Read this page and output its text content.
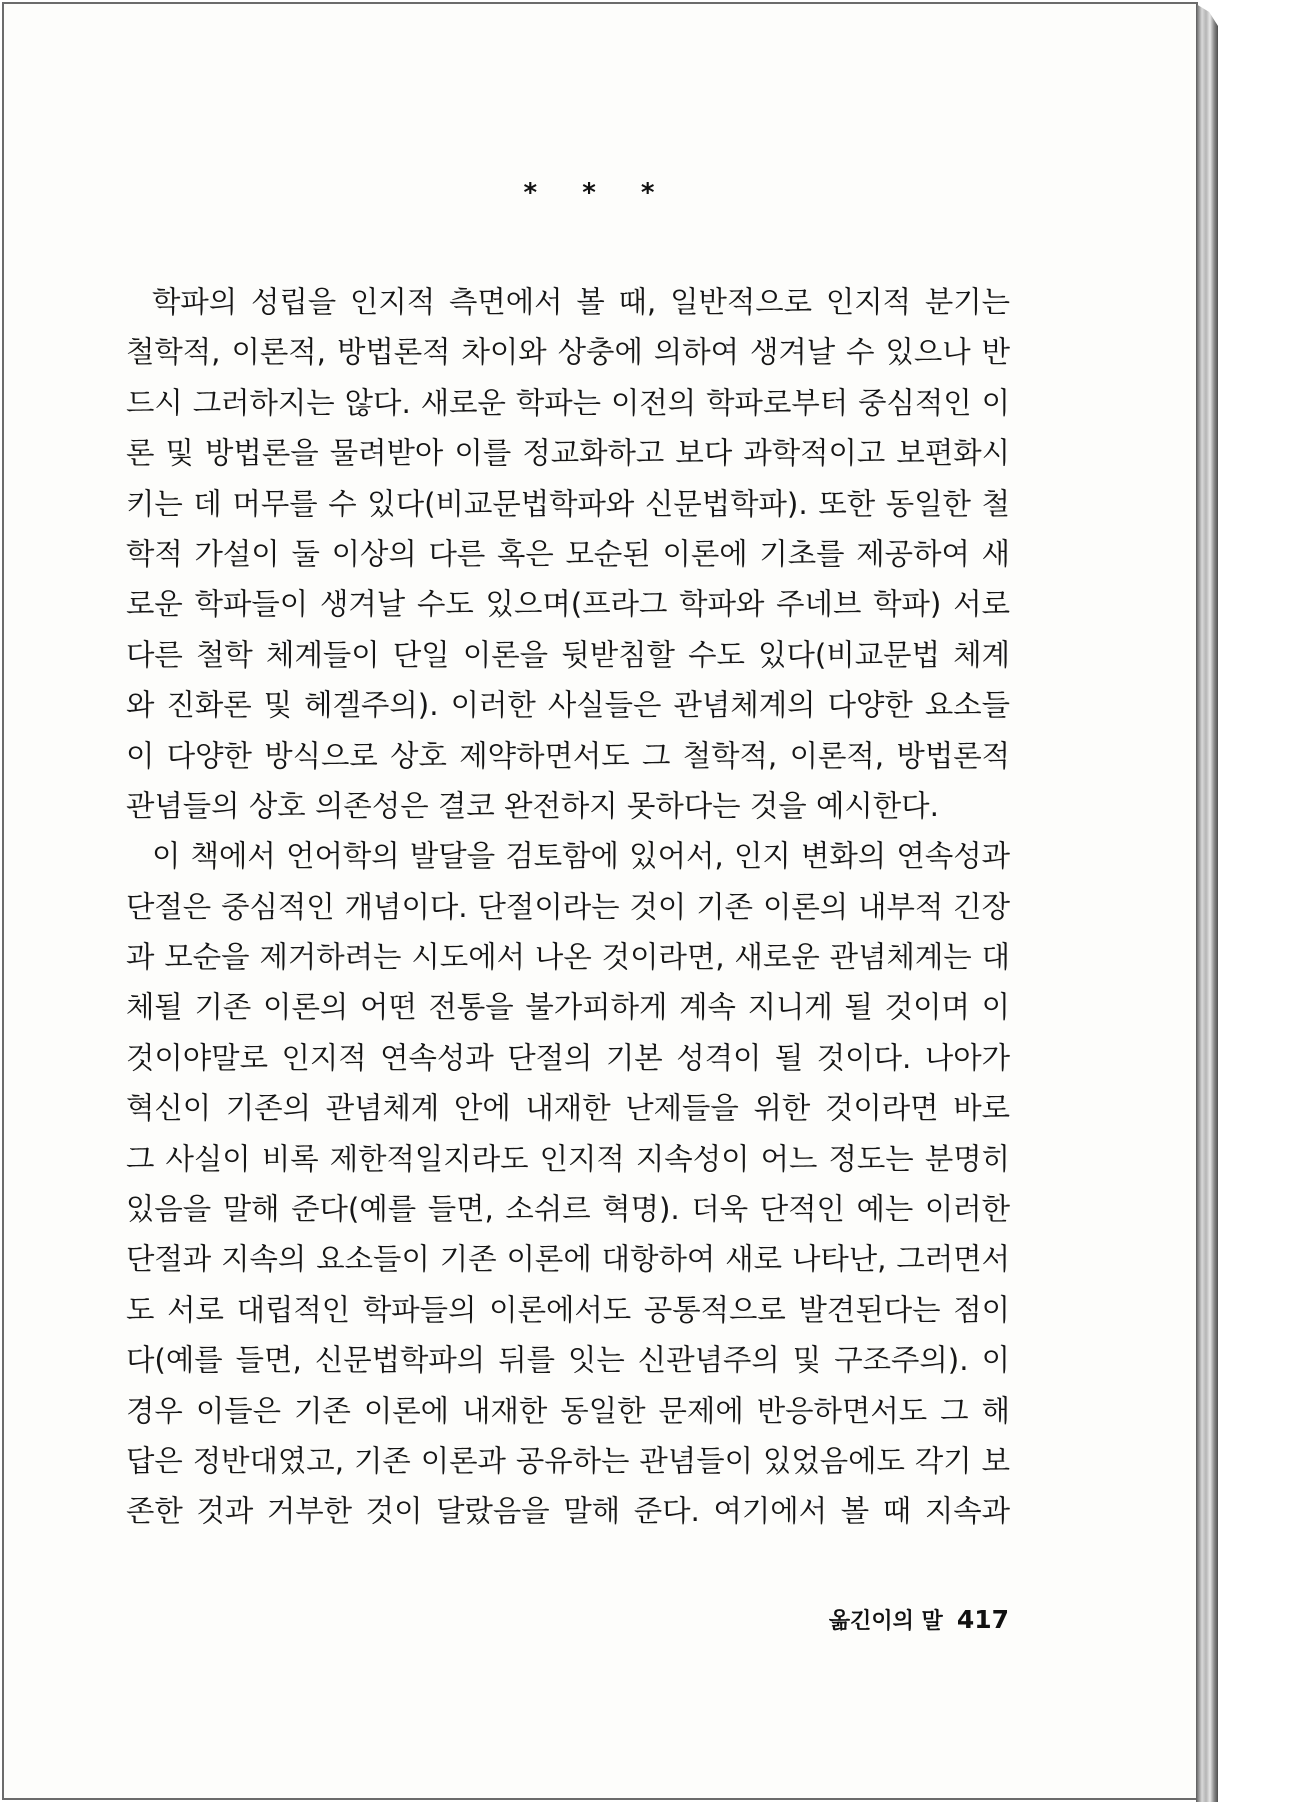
* * *
학파의 성립을 인지적 측면에서 볼 때, 일반적으로 인지적 분기는
철학적, 이론적, 방법론적 차이와 상충에 의하여 생겨날 수 있으나 반
드시 그러하지는 않다. 새로운 학파는 이전의 학파로부터 중심적인 이
론 및 방법론을 물려받아 이를 정교화하고 보다 과학적이고 보편화시
키는 데 머무를 수 있다(비교문법학파와 신문법학파). 또한 동일한 철
학적 가설이 둘 이상의 다른 혹은 모순된 이론에 기초를 제공하여 새
로운 학파들이 생겨날 수도 있으며(프라그 학파와 주네브 학파) 서로
다른 철학 체계들이 단일 이론을 뒷받침할 수도 있다(비교문법 체계
와 진화론 및 헤겔주의). 이러한 사실들은 관념체계의 다양한 요소들
이 다양한 방식으로 상호 제약하면서도 그 철학적, 이론적, 방법론적
관념들의 상호 의존성은 결코 완전하지 못하다는 것을 예시한다.
이 책에서 언어학의 발달을 검토함에 있어서, 인지 변화의 연속성과
단절은 중심적인 개념이다. 단절이라는 것이 기존 이론의 내부적 긴장
과 모순을 제거하려는 시도에서 나온 것이라면, 새로운 관념체계는 대
체될 기존 이론의 어떤 전통을 불가피하게 계속 지니게 될 것이며 이
것이야말로 인지적 연속성과 단절의 기본 성격이 될 것이다. 나아가
혁신이 기존의 관념체계 안에 내재한 난제들을 위한 것이라면 바로
그 사실이 비록 제한적일지라도 인지적 지속성이 어느 정도는 분명히
있음을 말해 준다(예를 들면, 소쉬르 혁명). 더욱 단적인 예는 이러한
단절과 지속의 요소들이 기존 이론에 대항하여 새로 나타난, 그러면서
도 서로 대립적인 학파들의 이론에서도 공통적으로 발견된다는 점이
다(예를 들면, 신문법학파의 뒤를 잇는 신관념주의 및 구조주의). 이
경우 이들은 기존 이론에 내재한 동일한 문제에 반응하면서도 그 해
답은 정반대였고, 기존 이론과 공유하는 관념들이 있었음에도 각기 보
존한 것과 거부한 것이 달랐음을 말해 준다. 여기에서 볼 때 지속과
옮긴이의 말 417
